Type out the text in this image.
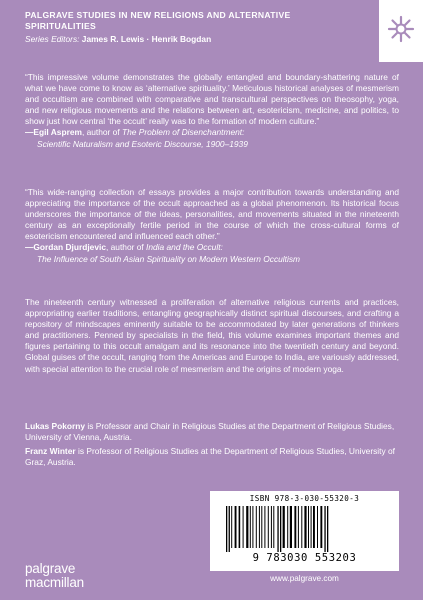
PALGRAVE STUDIES IN NEW RELIGIONS AND ALTERNATIVE SPIRITUALITIES
Series Editors: James R. Lewis · Henrik Bogdan
“This impressive volume demonstrates the globally entangled and boundary-shattering nature of what we have come to know as ‘alternative spirituality.’ Meticulous historical analyses of mesmerism and occultism are combined with comparative and transcultural perspectives on theosophy, yoga, and new religious movements and the relations between art, esotericism, medicine, and politics, to show just how central ‘the occult’ really was to the formation of modern culture.”
—Egil Asprem, author of The Problem of Disenchantment:
Scientific Naturalism and Esoteric Discourse, 1900–1939
“This wide-ranging collection of essays provides a major contribution towards understanding and appreciating the importance of the occult approached as a global phenomenon. Its historical focus underscores the importance of the ideas, personalities, and movements situated in the nineteenth century as an exceptionally fertile period in the course of which the cross-cultural forms of esotericism encountered and influenced each other.”
—Gordan Djurdjevic, author of India and the Occult:
The Influence of South Asian Spirituality on Modern Western Occultism
The nineteenth century witnessed a proliferation of alternative religious currents and practices, appropriating earlier traditions, entangling geographically distinct spiritual discourses, and crafting a repository of mindscapes eminently suitable to be accommodated by later generations of thinkers and practitioners. Penned by specialists in the field, this volume examines important themes and figures pertaining to this occult amalgam and its resonance into the twentieth century and beyond. Global guises of the occult, ranging from the Americas and Europe to India, are variously addressed, with special attention to the crucial role of mesmerism and the origins of modern yoga.
Lukas Pokorny is Professor and Chair in Religious Studies at the Department of Religious Studies, University of Vienna, Austria.
Franz Winter is Professor of Religious Studies at the Department of Religious Studies, University of Graz, Austria.
ISBN 978-3-030-55320-3
9 783030 553203
palgrave
macmillan	www.palgrave.com
